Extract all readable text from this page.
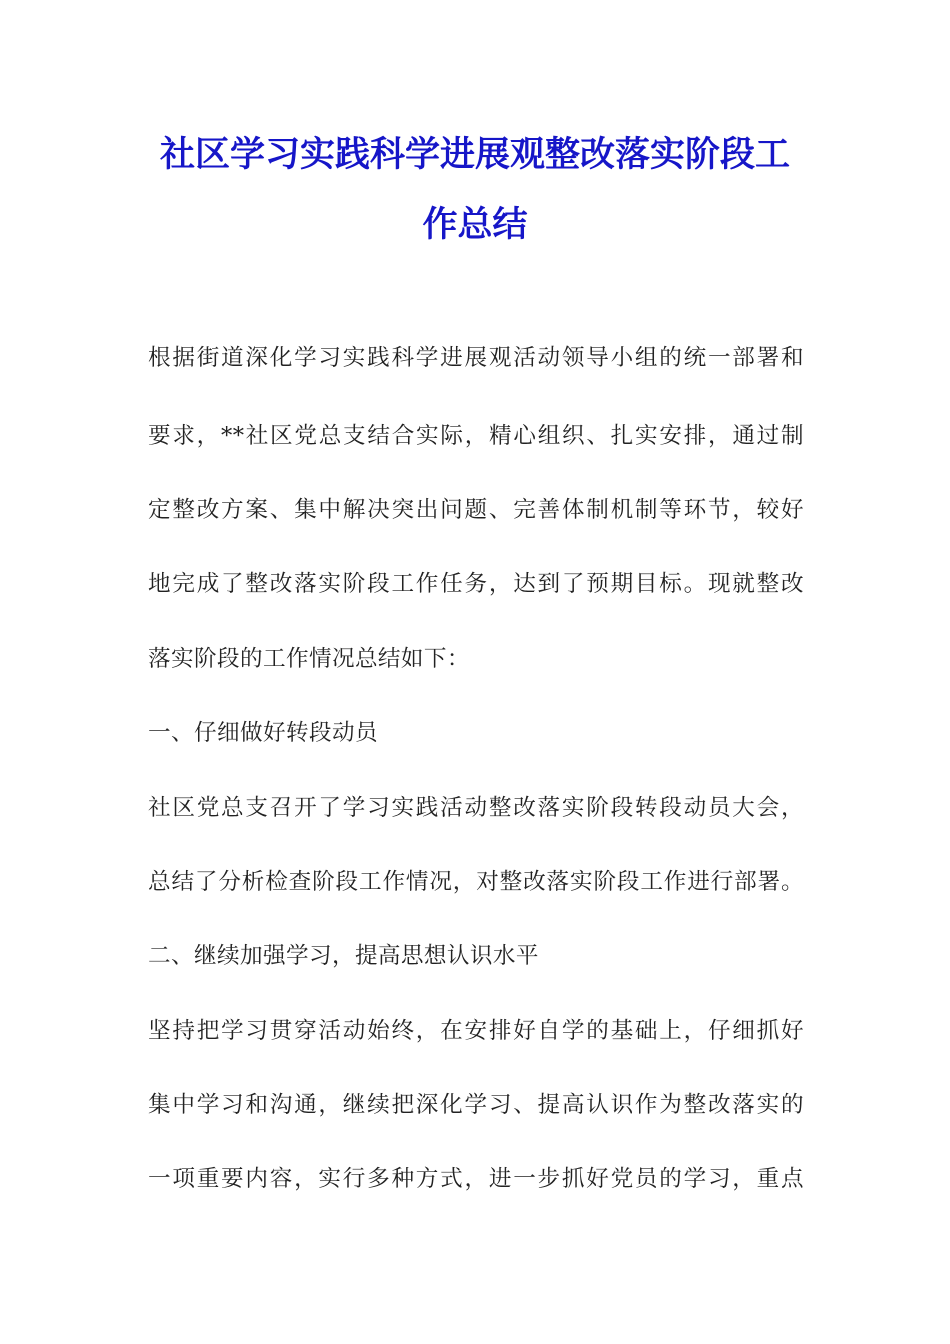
社区学习实践科学进展观整改落实阶段工
作总结
根据街道深化学习实践科学进展观活动领导小组的统一部署和
要求，**社区党总支结合实际，精心组织、扎实安排，通过制
定整改方案、集中解决突出问题、完善体制机制等环节，较好
地完成了整改落实阶段工作任务，达到了预期目标。现就整改
落实阶段的工作情况总结如下：
一、仔细做好转段动员
社区党总支召开了学习实践活动整改落实阶段转段动员大会，
总结了分析检查阶段工作情况，对整改落实阶段工作进行部署。
二、继续加强学习，提高思想认识水平
坚持把学习贯穿活动始终，在安排好自学的基础上，仔细抓好
集中学习和沟通，继续把深化学习、提高认识作为整改落实的
一项重要内容，实行多种方式，进一步抓好党员的学习，重点
